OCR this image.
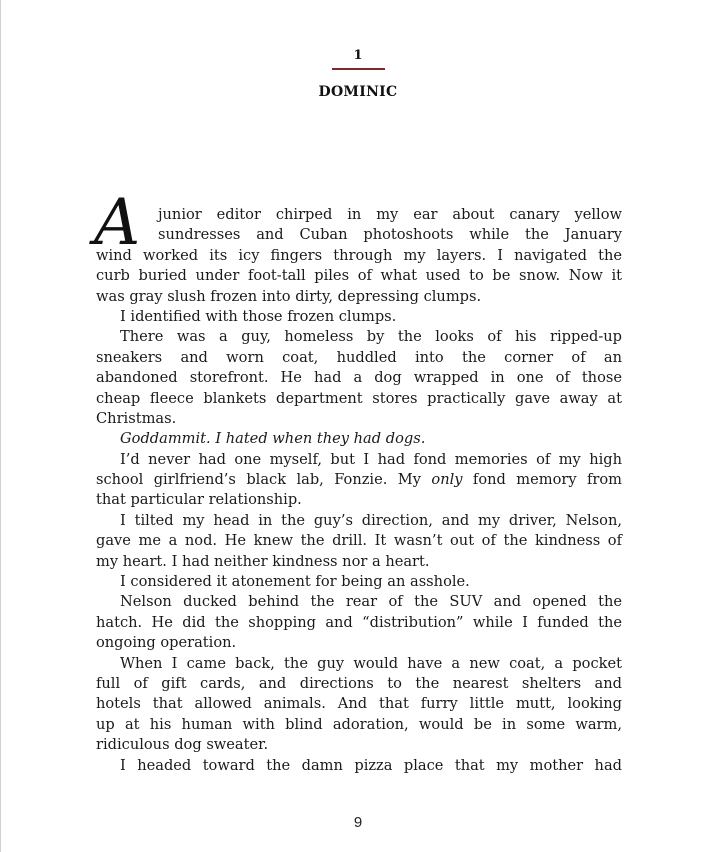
1
DOMINIC
A	junior editor chirped in my ear about canary yellow
sundresses and Cuban photoshoots while the January
wind worked its icy fingers through my layers. I navigated the
curb buried under foot-tall piles of what used to be snow. Now it
was gray slush frozen into dirty, depressing clumps.
I identified with those frozen clumps.
There was a guy, homeless by the looks of his ripped-up
sneakers and worn coat, huddled into the corner of an
abandoned storefront. He had a dog wrapped in one of those
cheap fleece blankets department stores practically gave away at
Christmas.
Goddammit. I hated when they had dogs.
I’d never had one myself, but I had fond memories of my high
school girlfriend’s black lab, Fonzie. My only fond memory from
that particular relationship.
I tilted my head in the guy’s direction, and my driver, Nelson,
gave me a nod. He knew the drill. It wasn’t out of the kindness of
my heart. I had neither kindness nor a heart.
I considered it atonement for being an asshole.
Nelson ducked behind the rear of the SUV and opened the
hatch. He did the shopping and “distribution” while I funded the
ongoing operation.
When I came back, the guy would have a new coat, a pocket
full of gift cards, and directions to the nearest shelters and
hotels that allowed animals. And that furry little mutt, looking
up at his human with blind adoration, would be in some warm,
ridiculous dog sweater.
I headed toward the damn pizza place that my mother had
9
